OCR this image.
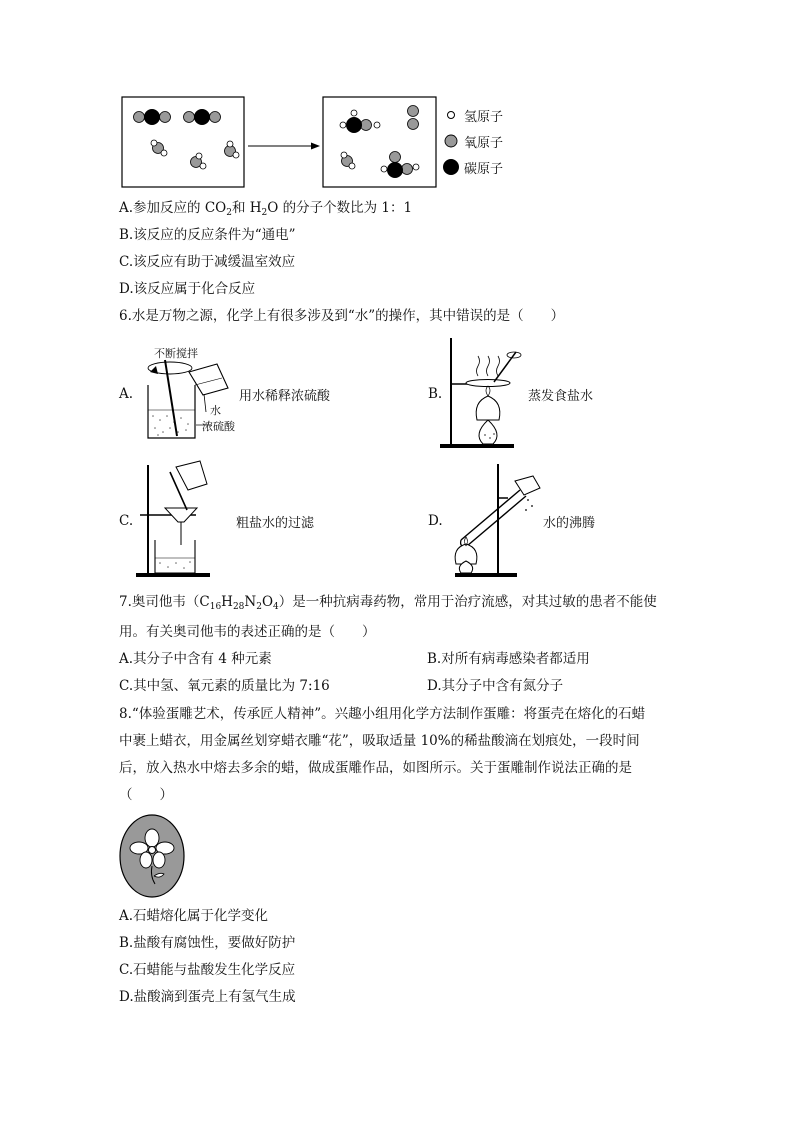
氢原子
氧原子
碳原子
A.参加反应的 $CO_2$和 $H_2O$ 的分子个数比为 1：1
B.该反应的反应条件为“通电”
C.该反应有助于减缓温室效应
D.该反应属于化合反应
6.水是万物之源，化学上有很多涉及到“水”的操作，其中错误的是（　　）
A.
不断搅拌
水
浓硫酸
用水稀释浓硫酸	B.	蒸发食盐水
C.	粗盐水的过滤	D.	水的沸腾
7.奥司他韦$(C_{16}H_{28}N_2O_4)$是一种抗病毒药物，常用于治疗流感，对其过敏的患者不能使
用。有关奥司他韦的表述正确的是（　　）
A.其分子中含有 4 种元素	B.对所有病毒感染者都适用
C.其中氢、氧元素的质量比为 7:16	D.其分子中含有氮分子
8.“体验蛋雕艺术，传承匠人精神”。兴趣小组用化学方法制作蛋雕：将蛋壳在熔化的石蜡
中裹上蜡衣，用金属丝划穿蜡衣雕“花”，吸取适量 10%的稀盐酸滴在划痕处，一段时间
后，放入热水中熔去多余的蜡，做成蛋雕作品，如图所示。关于蛋雕制作说法正确的是
（　　）
A.石蜡熔化属于化学变化
B.盐酸有腐蚀性，要做好防护
C.石蜡能与盐酸发生化学反应
D.盐酸滴到蛋壳上有氢气生成
